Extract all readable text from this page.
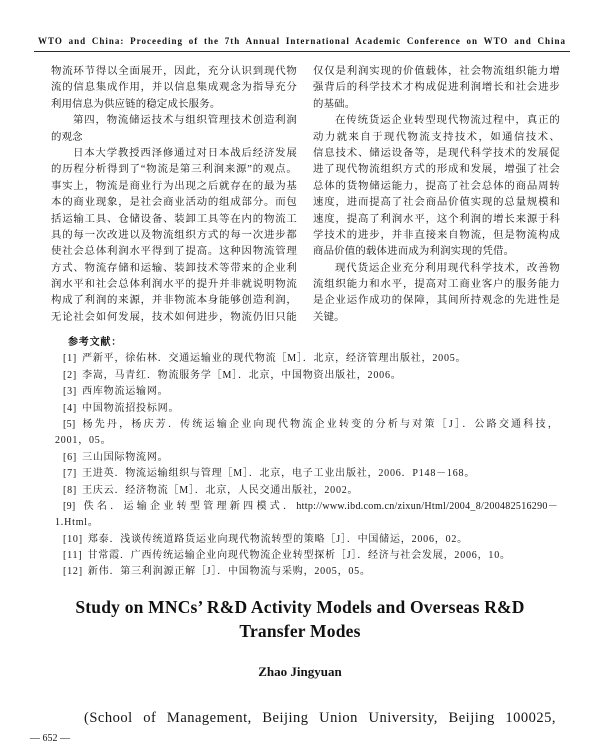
WTO and China: Proceeding of the 7th Annual International Academic Conference on WTO and China
物流环节得以全面展开，因此，充分认识到现代物
流的信息集成作用，并以信息集成观念为指导充分
利用信息为供应链的稳定成长服务。
第四，物流储运技术与组织管理技术创造利润
的观念
日本大学教授西泽修通过对日本战后经济发展
的历程分析得到了“物流是第三利润来源”的观点。
事实上，物流是商业行为出现之后就存在的最为基
本的商业现象，是社会商业活动的组成部分。而包
括运输工具、仓储设备、装卸工具等在内的物流工
具的每一次改进以及物流组织方式的每一次进步都
使社会总体利润水平得到了提高。这种因物流管理
方式、物流存储和运输、装卸技术等带来的企业利
润水平和社会总体利润水平的提升并非就说明物流
构成了利润的来源，并非物流本身能够创造利润，
无论社会如何发展，技术如何进步，物流仍旧只能
仅仅是利润实现的价值载体，社会物流组织能力增
强背后的科学技术才构成促进利润增长和社会进步
的基础。
在传统货运企业转型现代物流过程中，真正的
动力就来自于现代物流支持技术，如通信技术、
信息技术、储运设备等，是现代科学技术的发展促
进了现代物流组织方式的形成和发展，增强了社会
总体的货物储运能力，提高了社会总体的商品周转
速度，进而提高了社会商品价值实现的总量规模和
速度，提高了利润水平，这个利润的增长来源于科
学技术的进步，并非直接来自物流，但是物流构成
商品价值的载体进而成为利润实现的凭借。
现代货运企业充分利用现代科学技术，改善物
流组织能力和水平，提高对工商业客户的服务能力
是企业运作成功的保障，其间所持观念的先进性是
关键。
参考文献：
[1] 严新平，徐佑林．交通运输业的现代物流［M］．北京，经济管理出版社，2005。
[2] 李嵩，马青红．物流服务学［M］．北京，中国物资出版社，2006。
[3] 西库物流运输网。
[4] 中国物流招投标网。
[5] 杨先丹，杨庆芳．传统运输企业向现代物流企业转变的分析与对策［J］．公路交通科技，
2001，05。
[6] 三山国际物流网。
[7] 王进英．物流运输组织与管理［M］．北京，电子工业出版社，2006．P148－168。
[8] 王庆云．经济物流［M］．北京，人民交通出版社，2002。
[9] 佚名．运输企业转型管理新四模式．http://www.ibd.com.cn/zixun/Html/2004_8/200482516290－
1.Html。
[10] 郑泰．浅谈传统道路货运业向现代物流转型的策略［J］．中国储运，2006，02。
[11] 甘常霞．广西传统运输企业向现代物流企业转型探析［J］．经济与社会发展，2006，10。
[12] 新伟．第三利润源正解［J］．中国物流与采购，2005，05。
Study on MNCs’ R&D Activity Models and Overseas R&D
Transfer Modes
Zhao Jingyuan
(School of Management, Beijing Union University, Beijing 100025,
— 652 —
